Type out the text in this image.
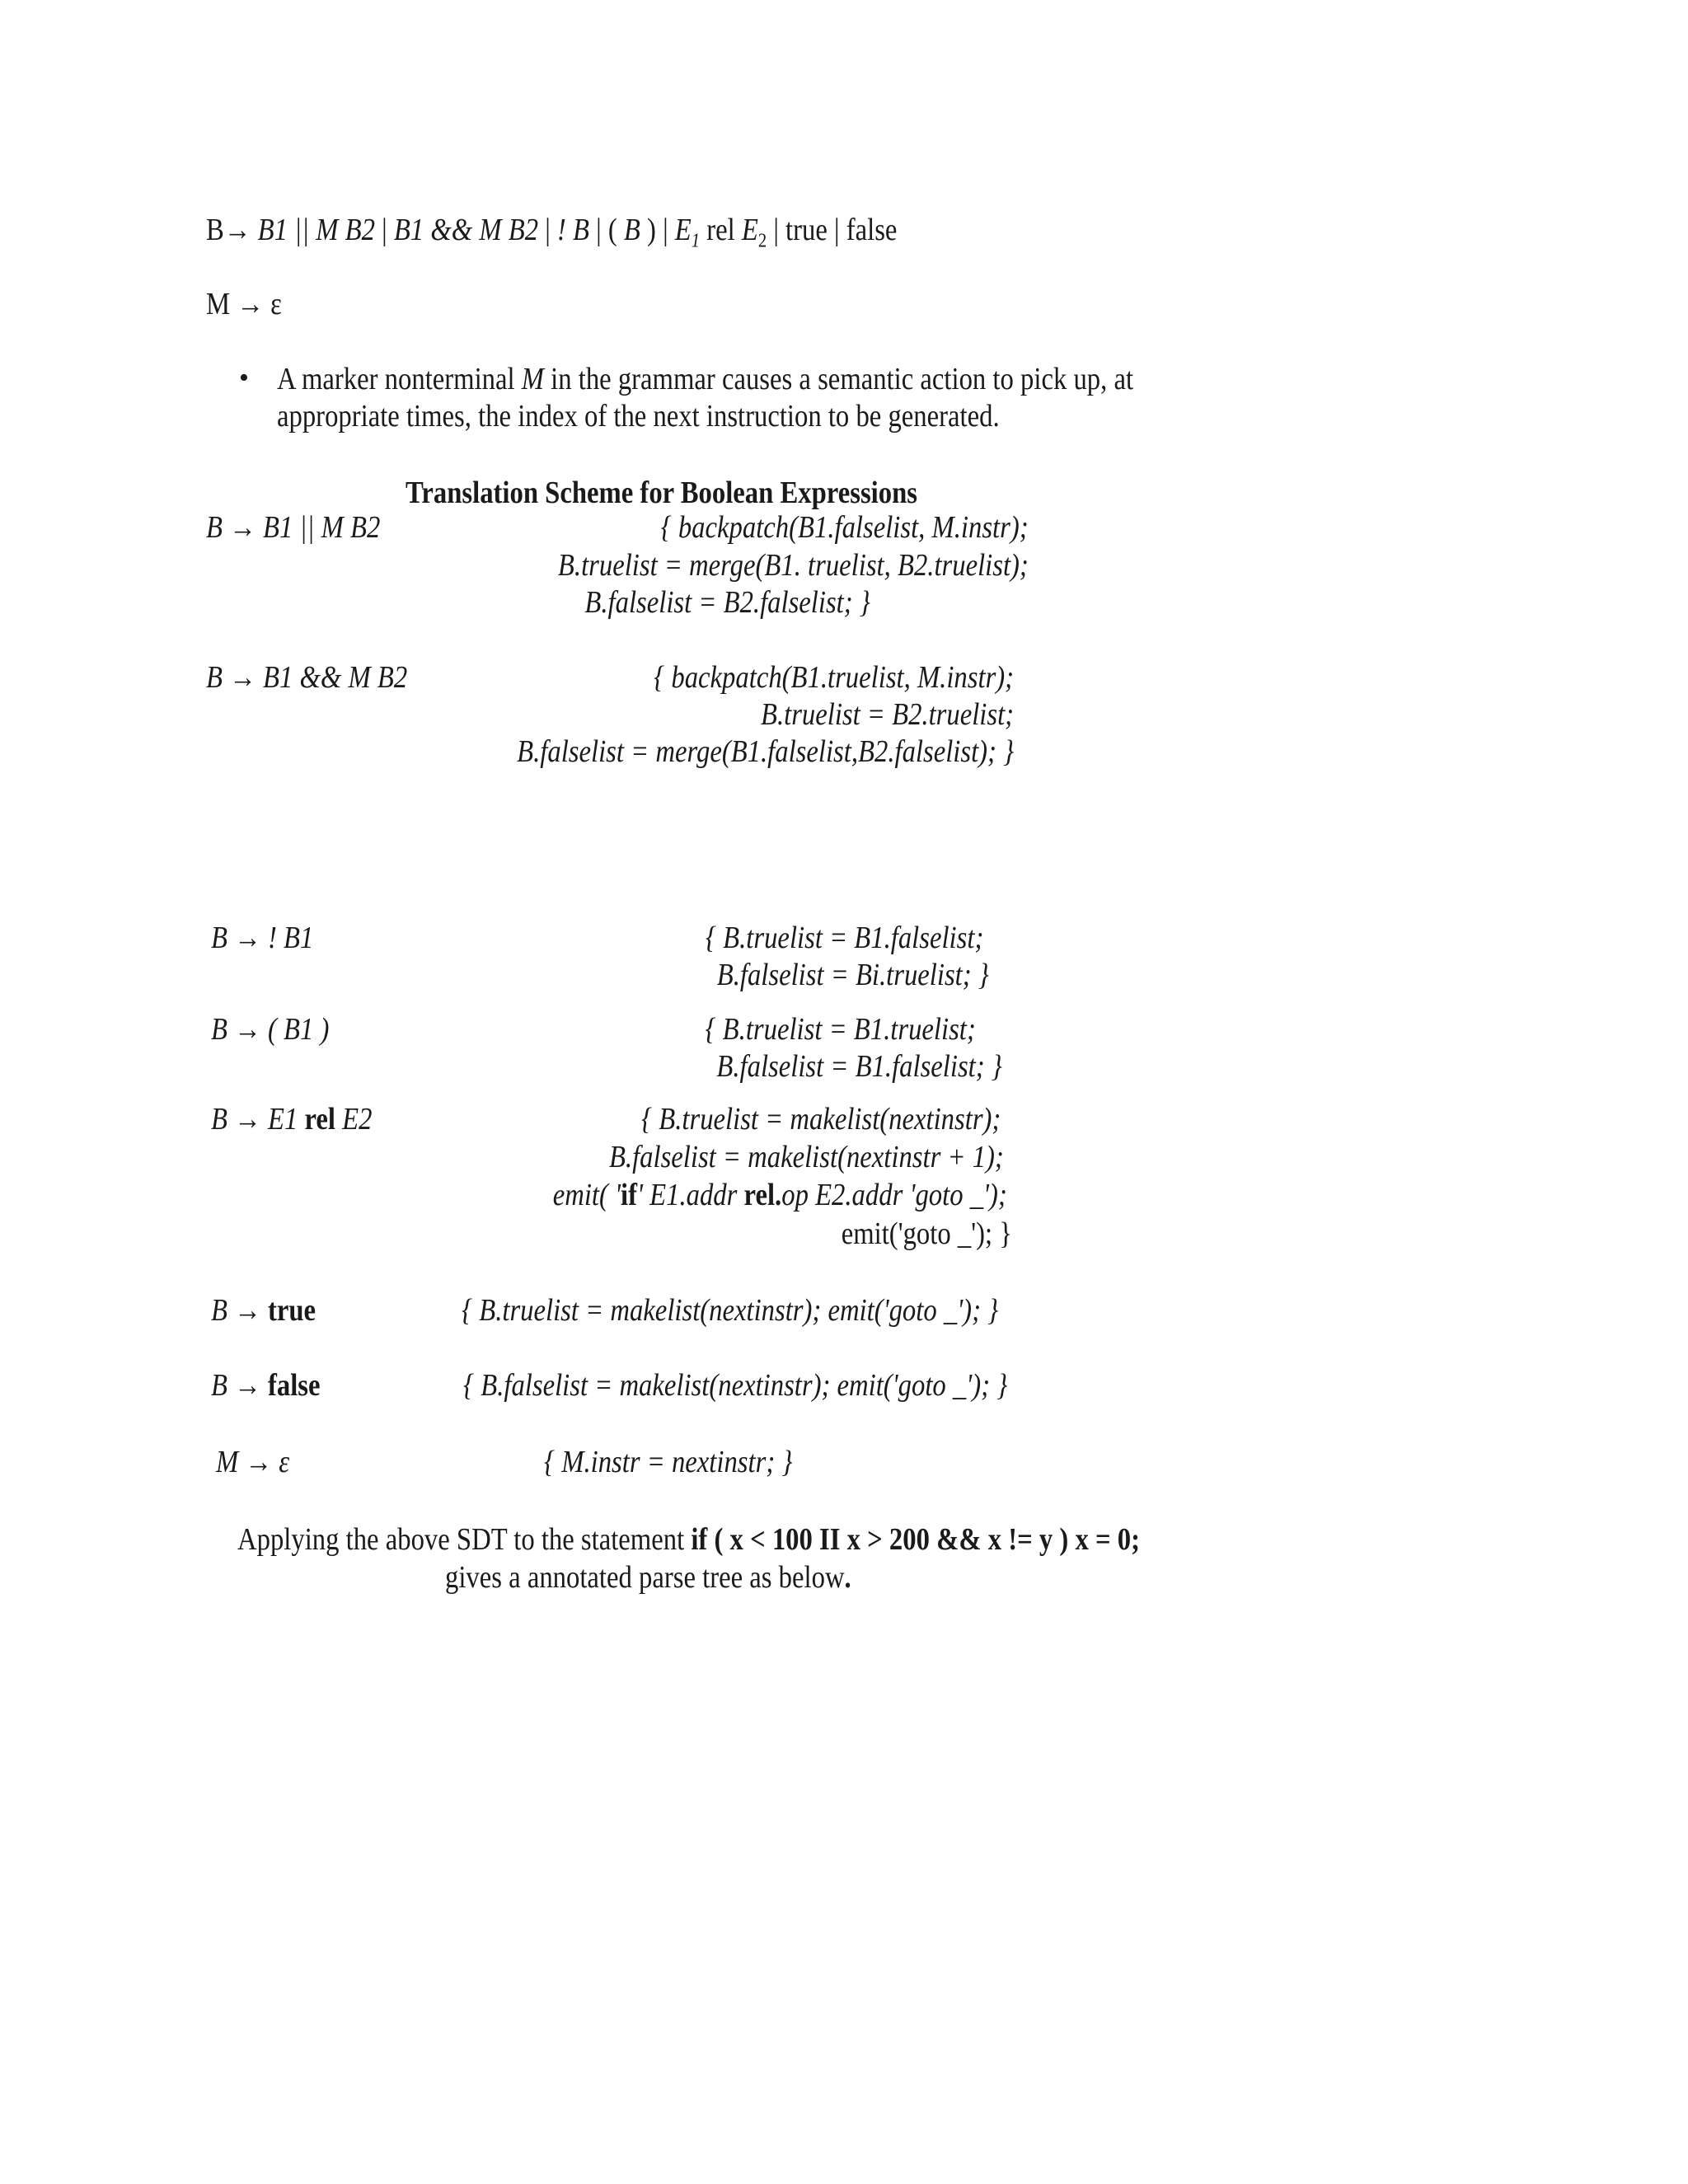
B→ B1 || M B2 | B1 && M B2 | ! B | ( B ) | $E_1$ rel $E_2$ | true | false
M → ε
• A marker nonterminal M in the grammar causes a semantic action to pick up, at
appropriate times, the index of the next instruction to be generated.
Translation Scheme for Boolean Expressions
B → B1 || M B2	{ backpatch(B1.falselist, M.instr);
B.truelist = merge(B1. truelist, B2.truelist);
B.falselist = B2.falselist; }
B → B1 && M B2	{ backpatch(B1.truelist, M.instr);
B.truelist = B2.truelist;
B.falselist = merge(B1.falselist,B2.falselist); }
B → ! B1	{ B.truelist = B1.falselist;
B.falselist = Bi.truelist; }
B → ( B1 )	{ B.truelist = B1.truelist;
B.falselist = B1.falselist; }
B → E1 rel E2	{ B.truelist = makelist(nextinstr);
B.falselist = makelist(nextinstr + 1);
emit( 'if' E1.addr rel.op E2.addr 'goto _');
emit('goto _'); }
B → true	{ B.truelist = makelist(nextinstr); emit('goto _'); }
B → false	{ B.falselist = makelist(nextinstr); emit('goto _'); }
M → ε	{ M.instr = nextinstr; }
Applying the above SDT to the statement if ( x < 100 II x > 200 && x != y ) x = 0;
gives a annotated parse tree as below.
